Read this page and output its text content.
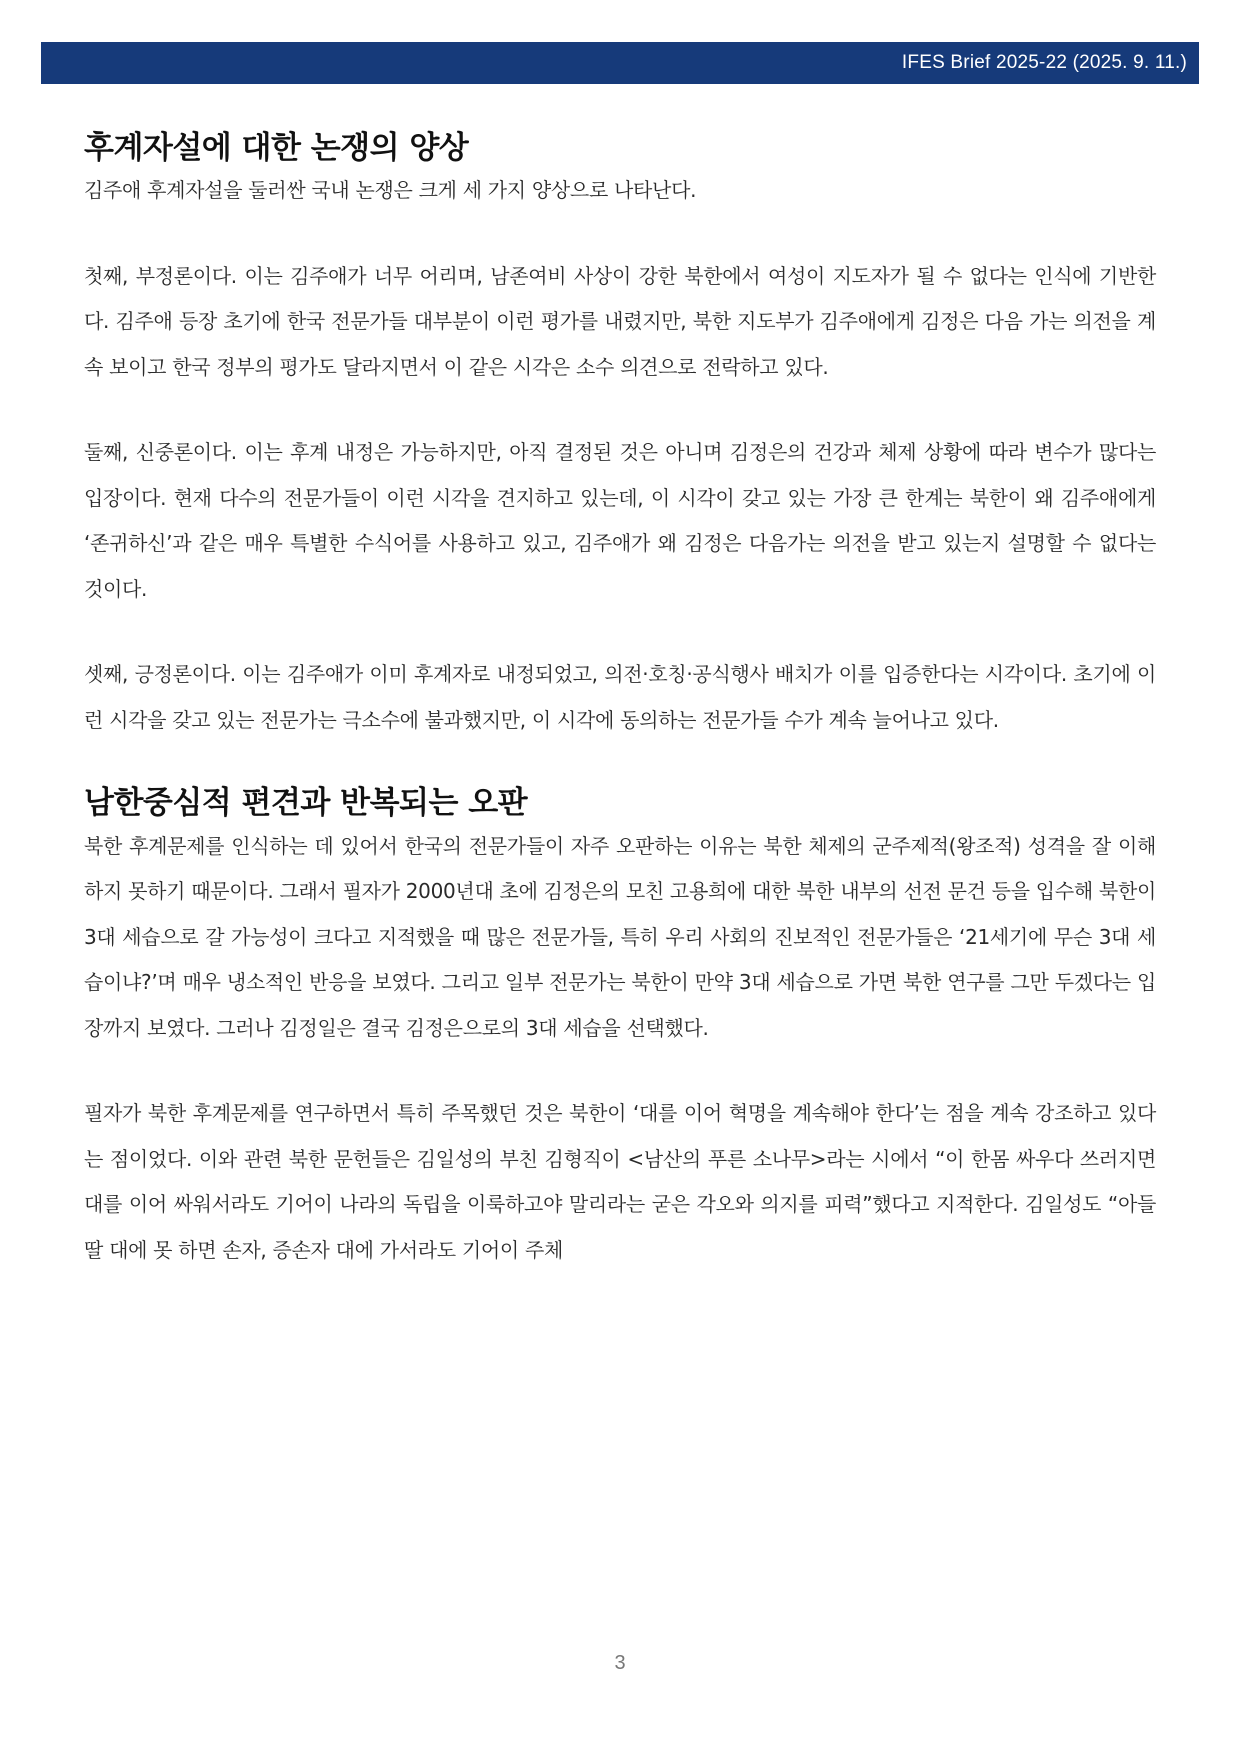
IFES Brief 2025-22 (2025. 9. 11.)
후계자설에 대한 논쟁의 양상

김주애 후계자설을 둘러싼 국내 논쟁은 크게 세 가지 양상으로 나타난다.

첫째, 부정론이다. 이는 김주애가 너무 어리며, 남존여비 사상이 강한 북한에서 여성이 지도자가 될 수 없다는 인식에 기반한다. 김주애 등장 초기에 한국 전문가들 대부분이 이런 평가를 내렸지만, 북한 지도부가 김주애에게 김정은 다음 가는 의전을 계속 보이고 한국 정부의 평가도 달라지면서 이 같은 시각은 소수 의견으로 전락하고 있다.

둘째, 신중론이다. 이는 후계 내정은 가능하지만, 아직 결정된 것은 아니며 김정은의 건강과 체제 상황에 따라 변수가 많다는 입장이다. 현재 다수의 전문가들이 이런 시각을 견지하고 있는데, 이 시각이 갖고 있는 가장 큰 한계는 북한이 왜 김주애에게 ‘존귀하신’과 같은 매우 특별한 수식어를 사용하고 있고, 김주애가 왜 김정은 다음가는 의전을 받고 있는지 설명할 수 없다는 것이다.

셋째, 긍정론이다. 이는 김주애가 이미 후계자로 내정되었고, 의전·호칭·공식행사 배치가 이를 입증한다는 시각이다. 초기에 이런 시각을 갖고 있는 전문가는 극소수에 불과했지만, 이 시각에 동의하는 전문가들 수가 계속 늘어나고 있다.

남한중심적 편견과 반복되는 오판

북한 후계문제를 인식하는 데 있어서 한국의 전문가들이 자주 오판하는 이유는 북한 체제의 군주제적(왕조적) 성격을 잘 이해하지 못하기 때문이다. 그래서 필자가 2000년대 초에 김정은의 모친 고용희에 대한 북한 내부의 선전 문건 등을 입수해 북한이 3대 세습으로 갈 가능성이 크다고 지적했을 때 많은 전문가들, 특히 우리 사회의 진보적인 전문가들은 ‘21세기에 무슨 3대 세습이냐?’며 매우 냉소적인 반응을 보였다. 그리고 일부 전문가는 북한이 만약 3대 세습으로 가면 북한 연구를 그만 두겠다는 입장까지 보였다. 그러나 김정일은 결국 김정은으로의 3대 세습을 선택했다.

필자가 북한 후계문제를 연구하면서 특히 주목했던 것은 북한이 ‘대를 이어 혁명을 계속해야 한다’는 점을 계속 강조하고 있다는 점이었다. 이와 관련 북한 문헌들은 김일성의 부친 김형직이 <남산의 푸른 소나무>라는 시에서 “이 한몸 싸우다 쓰러지면 대를 이어 싸워서라도 기어이 나라의 독립을 이룩하고야 말리라는 굳은 각오와 의지를 피력”했다고 지적한다. 김일성도 “아들딸 대에 못 하면 손자, 증손자 대에 가서라도 기어이 주체

3
